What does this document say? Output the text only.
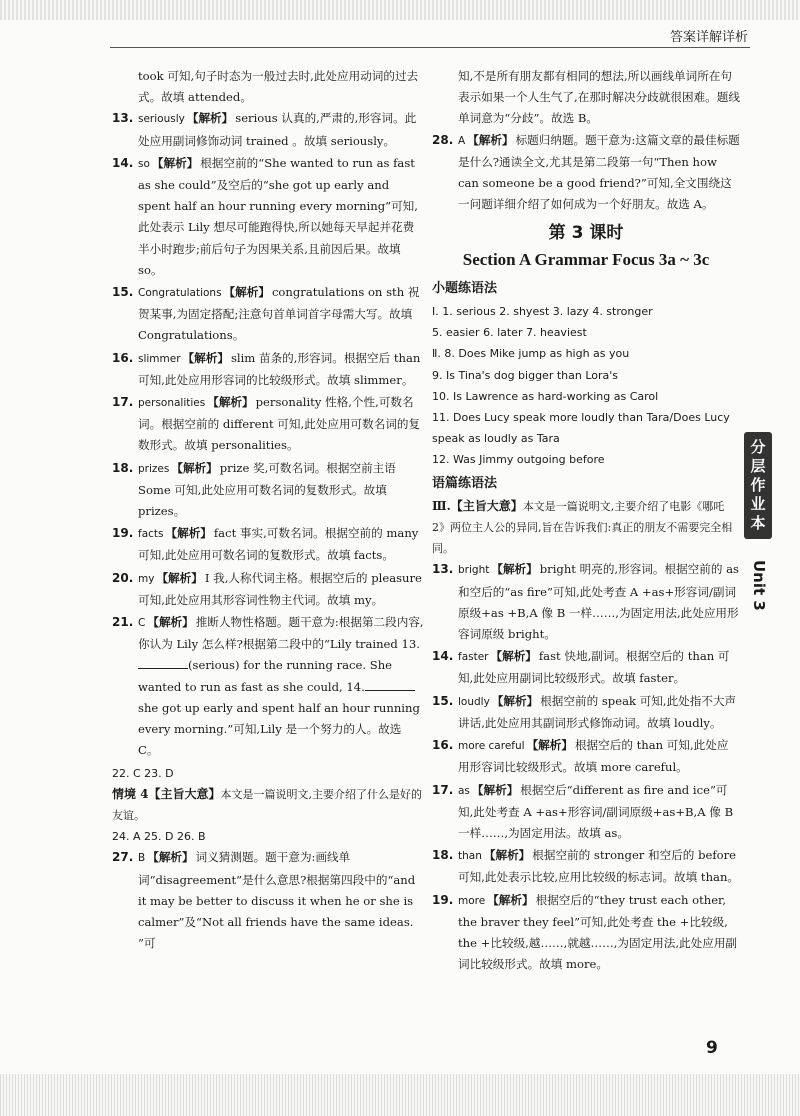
答案详解详析
took 可知,句子时态为一般过去时,此处应用动词的过去式。故填 attended。
13. seriously 【解析】 serious 认真的,严肃的,形容词。此处应用副词修饰动词 trained 。故填 seriously。
14. so 【解析】 根据空前的“She wanted to run as fast as she could”及空后的“she got up early and spent half an hour running every morning”可知,此处表示 Lily 想尽可能跑得快,所以她每天早起并花费半小时跑步;前后句子为因果关系,且前因后果。故填 so。
15. Congratulations 【解析】 congratulations on sth 祝贺某事,为固定搭配;注意句首单词首字母需大写。故填 Congratulations。
16. slimmer 【解析】 slim 苗条的,形容词。根据空后 than 可知,此处应用形容词的比较级形式。故填 slimmer。
17. personalities 【解析】 personality 性格,个性,可数名词。根据空前的 different 可知,此处应用可数名词的复数形式。故填 personalities。
18. prizes 【解析】 prize 奖,可数名词。根据空前主语 Some 可知,此处应用可数名词的复数形式。故填 prizes。
19. facts 【解析】 fact 事实,可数名词。根据空前的 many 可知,此处应用可数名词的复数形式。故填 facts。
20. my 【解析】 I 我,人称代词主格。根据空后的 pleasure 可知,此处应用其形容词性物主代词。故填 my。
21. C 【解析】 推断人物性格题。题干意为:根据第二段内容,你认为 Lily 怎么样?根据第二段中的“Lily trained 13.(serious) for the running race. She wanted to run as fast as she could, 14.she got up early and spent half an hour running every morning.”可知,Lily 是一个努力的人。故选 C。
22. C 23. D
情境 4【主旨大意】本文是一篇说明文,主要介绍了什么是好的友谊。
24. A 25. D 26. B
27. B 【解析】 词义猜测题。题干意为:画线单词“disagreement”是什么意思?根据第四段中的“and it may be better to discuss it when he or she is calmer”及“Not all friends have the same ideas. ”可
知,不是所有朋友都有相同的想法,所以画线单词所在句表示如果一个人生气了,在那时解决分歧就很困难。题线单词意为“分歧”。故选 B。
28. A 【解析】 标题归纳题。题干意为:这篇文章的最佳标题是什么?通读全文,尤其是第二段第一句“Then how can someone be a good friend?”可知,全文围绕这一问题详细介绍了如何成为一个好朋友。故选 A。
第 3 课时
Section A Grammar Focus 3a ~ 3c
小题练语法
Ⅰ. 1. serious 2. shyest 3. lazy 4. stronger
5. easier 6. later 7. heaviest
Ⅱ. 8. Does Mike jump as high as you
9. Is Tina's dog bigger than Lora's
10. Is Lawrence as hard-working as Carol
11. Does Lucy speak more loudly than Tara/Does Lucy speak as loudly as Tara
12. Was Jimmy outgoing before
语篇练语法
Ⅲ.【主旨大意】本文是一篇说明文,主要介绍了电影《哪吒 2》两位主人公的异同,旨在告诉我们:真正的朋友不需要完全相同。
13. bright 【解析】 bright 明亮的,形容词。根据空前的 as 和空后的“as fire”可知,此处考查 A +as+形容词/副词原级+as +B,A 像 B 一样……,为固定用法,此处应用形容词原级 bright。
14. faster 【解析】 fast 快地,副词。根据空后的 than 可知,此处应用副词比较级形式。故填 faster。
15. loudly 【解析】 根据空前的 speak 可知,此处指不大声讲话,此处应用其副词形式修饰动词。故填 loudly。
16. more careful 【解析】 根据空后的 than 可知,此处应用形容词比较级形式。故填 more careful。
17. as 【解析】 根据空后“different as fire and ice”可知,此处考查 A +as+形容词/副词原级+as+B,A 像 B 一样……,为固定用法。故填 as。
18. than 【解析】 根据空前的 stronger 和空后的 before 可知,此处表示比较,应用比较级的标志词。故填 than。
19. more 【解析】 根据空后的“they trust each other, the braver they feel”可知,此处考查 the +比较级, the +比较级,越……,就越……,为固定用法,此处应用副词比较级形式。故填 more。
分
层
作
业
本
Unit 3
9
